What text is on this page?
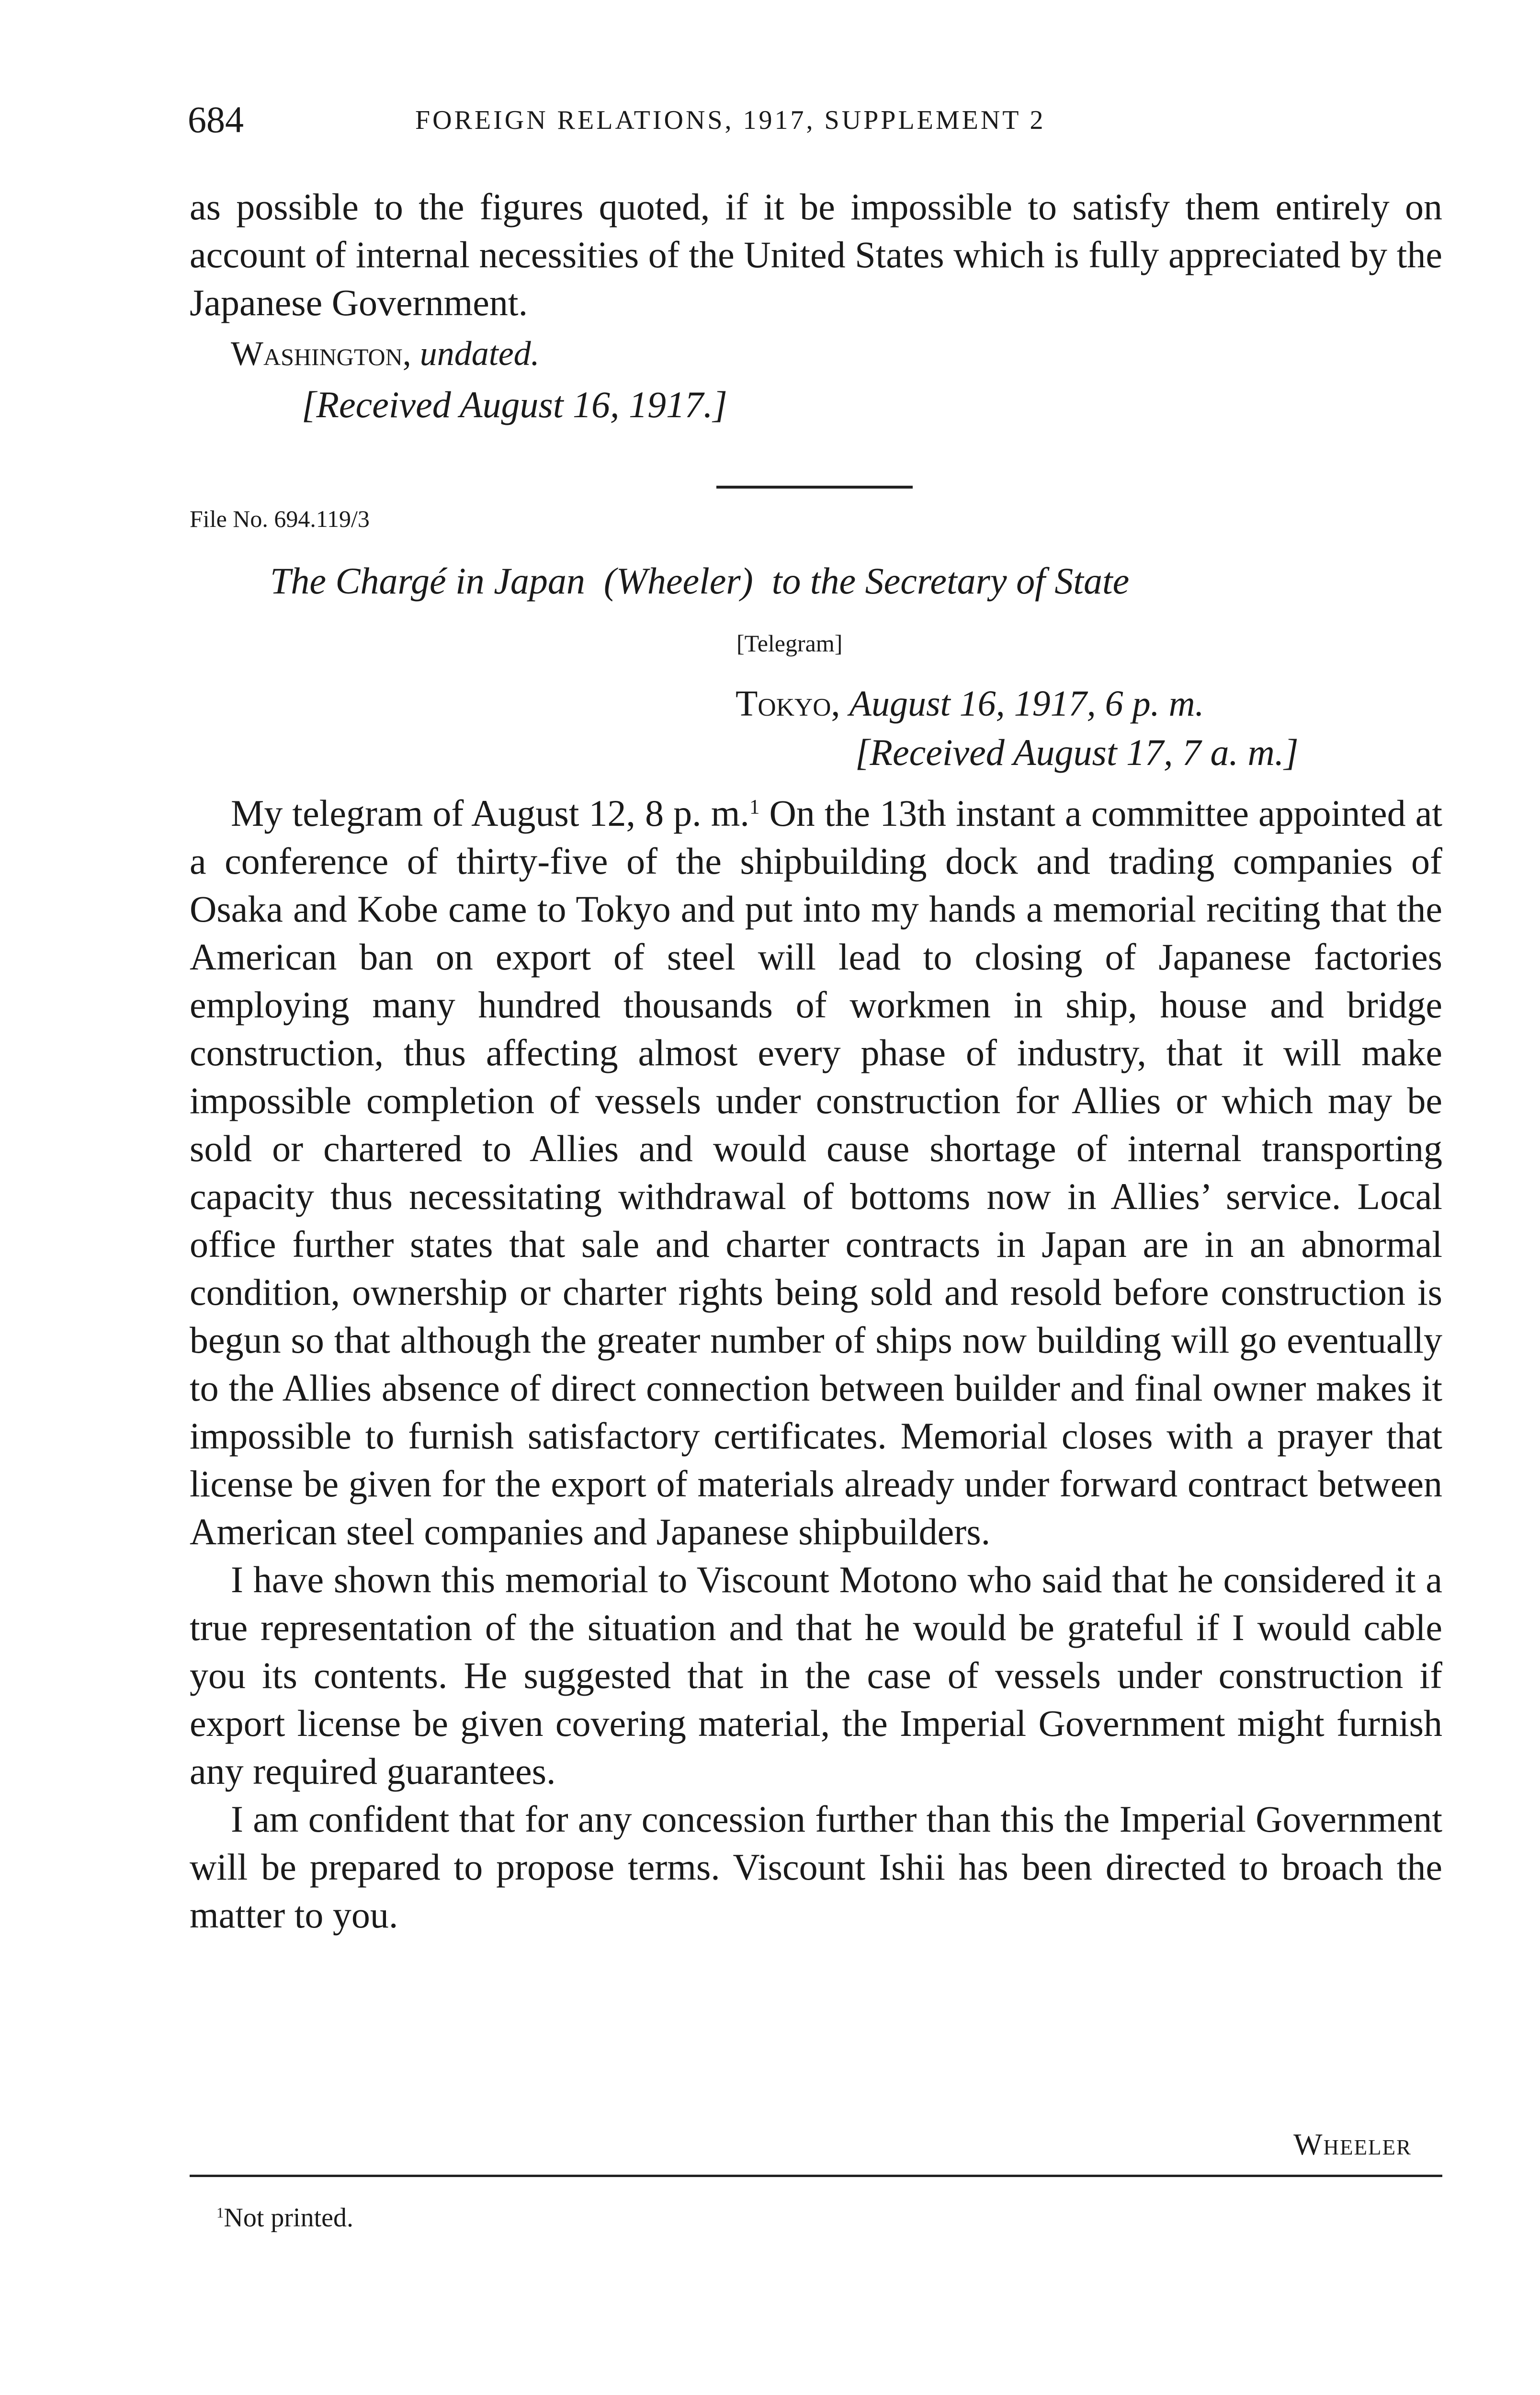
684	FOREIGN RELATIONS, 1917, SUPPLEMENT 2

as possible to the figures quoted, if it be impossible to satisfy them entirely on account of internal necessities of the United States which is fully appreciated by the Japanese Government.

Washington, undated.
[Received August 16, 1917.]
File No. 694.119/3
The Chargé in Japan  (Wheeler)  to the Secretary of State
[Telegram]
Tokyo, August 16, 1917, 6 p. m.
[Received August 17, 7 a. m.]

My telegram of August 12, 8 p. m.$^1$ On the 13th instant a committee appointed at a conference of thirty-five of the shipbuilding dock and trading companies of Osaka and Kobe came to Tokyo and put into my hands a memorial reciting that the American ban on export of steel will lead to closing of Japanese factories employing many hundred thousands of workmen in ship, house and bridge construction, thus affecting almost every phase of industry, that it will make impossible completion of vessels under construction for Allies or which may be sold or chartered to Allies and would cause shortage of internal transporting capacity thus necessitating withdrawal of bottoms now in Allies’ service. Local office further states that sale and charter contracts in Japan are in an abnormal condition, ownership or charter rights being sold and resold before construction is begun so that although the greater number of ships now building will go eventually to the Allies absence of direct connection between builder and final owner makes it impossible to furnish satisfactory certificates. Memorial closes with a prayer that license be given for the export of materials already under forward contract between American steel companies and Japanese shipbuilders.

I have shown this memorial to Viscount Motono who said that he considered it a true representation of the situation and that he would be grateful if I would cable you its contents. He suggested that in the case of vessels under construction if export license be given covering material, the Imperial Government might furnish any required guarantees.

I am confident that for any concession further than this the Imperial Government will be prepared to propose terms. Viscount Ishii has been directed to broach the matter to you.

Wheeler
$^1$Not printed.
